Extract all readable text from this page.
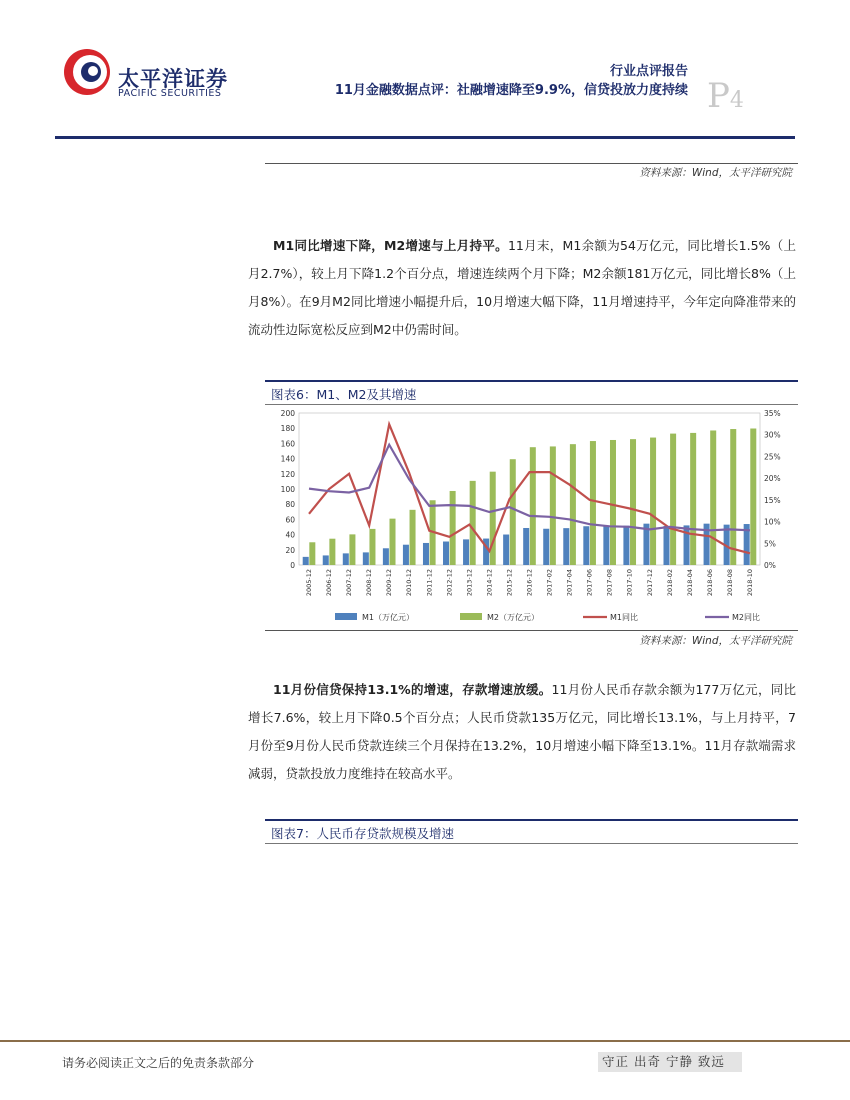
太平洋证券
PACIFIC SECURITIES
行业点评报告
11月金融数据点评：社融增速降至9.9%，信贷投放力度持续 P4
资料来源：Wind，太平洋研究院

M1同比增速下降，M2增速与上月持平。11月末，M1余额为54万亿元，同比增长1.5%（上月2.7%），较上月下降1.2个百分点，增速连续两个月下降；M2余额181万亿元，同比增长8%（上月8%）。在9月M2同比增速小幅提升后，10月增速大幅下降，11月增速持平，今年定向降准带来的流动性边际宽松反应到M2中仍需时间。

图表6：M1、M2及其增速
0
20
40
60
80
100
120
140
160
180
200
0%
5%
10%
15%
20%
25%
30%
35%
2005-12 2006-12 2007-12 2008-12 2009-12 2010-12 2011-12 2012-12 2013-12 2014-12 2015-12 2016-12 2017-02 2017-04 2017-06 2017-08 2017-10 2017-12 2018-02 2018-04 2018-06 2018-08 2018-10
M1（万亿元）	M2（万亿元）	M1同比	M2同比
资料来源：Wind，太平洋研究院

11月份信贷保持13.1%的增速，存款增速放缓。11月份人民币存款余额为177万亿元，同比增长7.6%，较上月下降0.5个百分点；人民币贷款135万亿元，同比增长13.1%，与上月持平，7月份至9月份人民币贷款连续三个月保持在13.2%，10月增速小幅下降至13.1%。11月存款端需求减弱，贷款投放力度维持在较高水平。

图表7：人民币存贷款规模及增速
请务必阅读正文之后的免责条款部分	守正 出奇 宁静 致远
